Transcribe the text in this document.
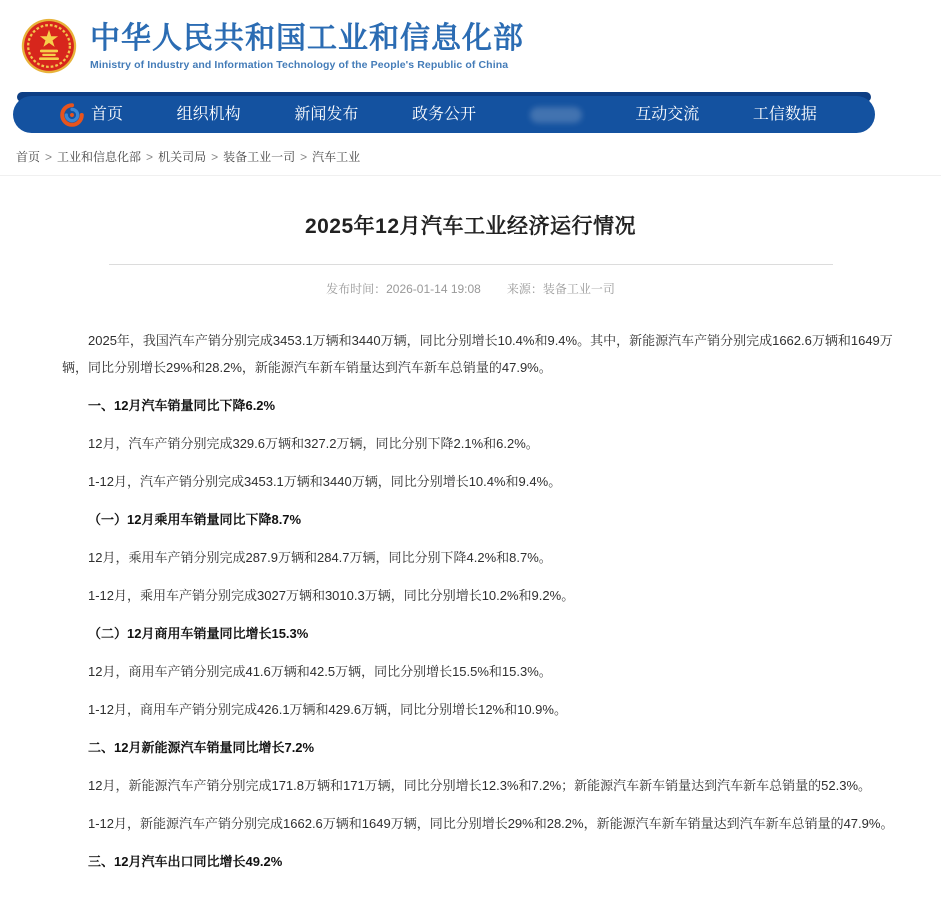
中华人民共和国工业和信息化部
Ministry of Industry and Information Technology of the People's Republic of China
首页	组织机构	新闻发布	政务公开	互动交流	工信数据
首页 > 工业和信息化部 > 机关司局 > 装备工业一司 > 汽车工业
2025年12月汽车工业经济运行情况
发布时间：2026-01-14 19:08 来源：装备工业一司

2025年，我国汽车产销分别完成3453.1万辆和3440万辆，同比分别增长10.4%和9.4%。其中，新能源汽车产销分别完成1662.6万辆和1649万辆，同比分别增长29%和28.2%，新能源汽车新车销量达到汽车新车总销量的47.9%。

一、12月汽车销量同比下降6.2%

12月，汽车产销分别完成329.6万辆和327.2万辆，同比分别下降2.1%和6.2%。

1-12月，汽车产销分别完成3453.1万辆和3440万辆，同比分别增长10.4%和9.4%。

（一）12月乘用车销量同比下降8.7%

12月，乘用车产销分别完成287.9万辆和284.7万辆，同比分别下降4.2%和8.7%。

1-12月，乘用车产销分别完成3027万辆和3010.3万辆，同比分别增长10.2%和9.2%。

（二）12月商用车销量同比增长15.3%

12月，商用车产销分别完成41.6万辆和42.5万辆，同比分别增长15.5%和15.3%。

1-12月，商用车产销分别完成426.1万辆和429.6万辆，同比分别增长12%和10.9%。

二、12月新能源汽车销量同比增长7.2%

12月，新能源汽车产销分别完成171.8万辆和171万辆，同比分别增长12.3%和7.2%；新能源汽车新车销量达到汽车新车总销量的52.3%。

1-12月，新能源汽车产销分别完成1662.6万辆和1649万辆，同比分别增长29%和28.2%，新能源汽车新车销量达到汽车新车总销量的47.9%。

三、12月汽车出口同比增长49.2%
